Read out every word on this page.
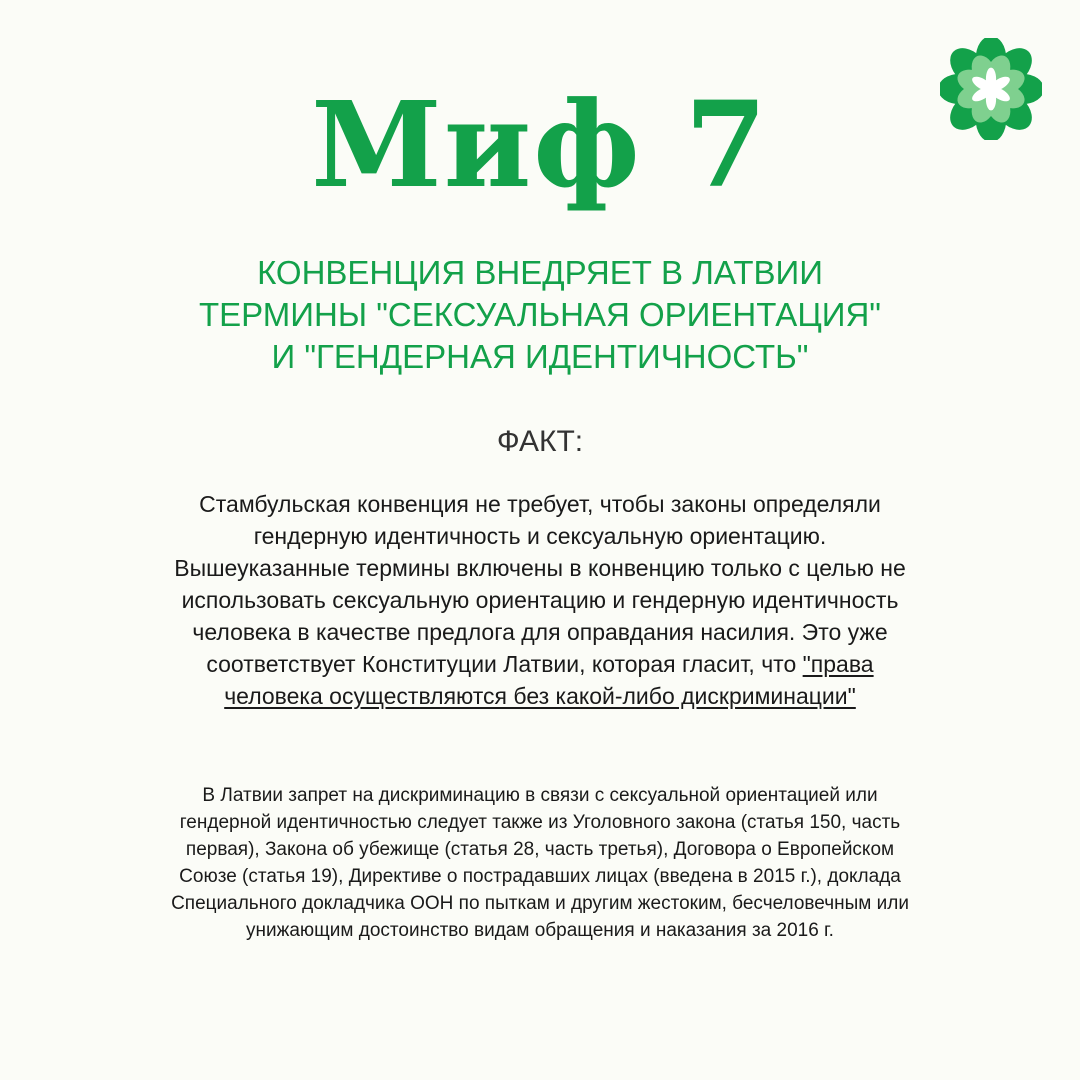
Миф 7
КОНВЕНЦИЯ ВНЕДРЯЕТ В ЛАТВИИ
ТЕРМИНЫ "СЕКСУАЛЬНАЯ ОРИЕНТАЦИЯ"
И "ГЕНДЕРНАЯ ИДЕНТИЧНОСТЬ"
ФАКТ:
Стамбульская конвенция не требует, чтобы законы определяли
гендерную идентичность и сексуальную ориентацию.
Вышеуказанные термины включены в конвенцию только с целью не
использовать сексуальную ориентацию и гендерную идентичность
человека в качестве предлога для оправдания насилия. Это уже
соответствует Конституции Латвии, которая гласит, что "права
человека осуществляются без какой-либо дискриминации"
В Латвии запрет на дискриминацию в связи с сексуальной ориентацией или
гендерной идентичностью следует также из Уголовного закона (статья 150, часть
первая), Закона об убежище (статья 28, часть третья), Договора о Европейском
Союзе (статья 19), Директиве о пострадавших лицах (введена в 2015 г.), доклада
Специального докладчика ООН по пыткам и другим жестоким, бесчеловечным или
унижающим достоинство видам обращения и наказания за 2016 г.
